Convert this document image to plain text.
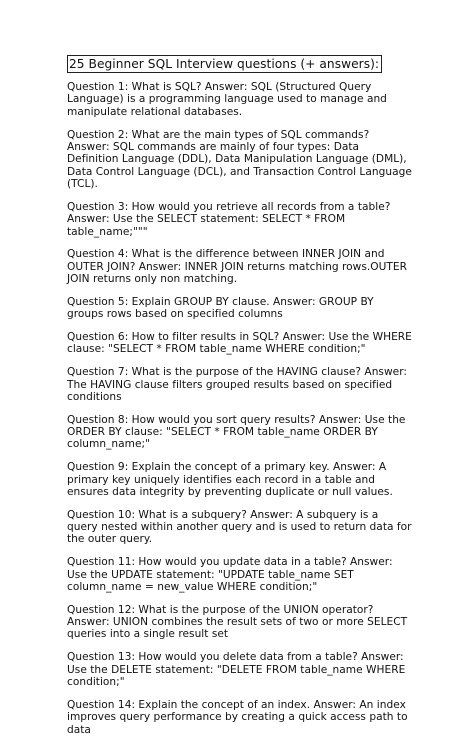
25 Beginner SQL Interview questions (+ answers):

Question 1: What is SQL? Answer: SQL (Structured Query Language) is a programming language used to manage and manipulate relational databases.

Question 2: What are the main types of SQL commands? Answer: SQL commands are mainly of four types: Data Definition Language (DDL), Data Manipulation Language (DML), Data Control Language (DCL), and Transaction Control Language (TCL).

Question 3: How would you retrieve all records from a table? Answer: Use the SELECT statement: SELECT * FROM table_name;"""

Question 4: What is the difference between INNER JOIN and OUTER JOIN? Answer: INNER JOIN returns matching rows.OUTER JOIN returns only non matching.

Question 5: Explain GROUP BY clause. Answer: GROUP BY groups rows based on specified columns

Question 6: How to filter results in SQL? Answer: Use the WHERE clause: "SELECT * FROM table_name WHERE condition;"

Question 7: What is the purpose of the HAVING clause? Answer: The HAVING clause filters grouped results based on specified conditions

Question 8: How would you sort query results? Answer: Use the ORDER BY clause: "SELECT * FROM table_name ORDER BY column_name;"

Question 9: Explain the concept of a primary key. Answer: A primary key uniquely identifies each record in a table and ensures data integrity by preventing duplicate or null values.

Question 10: What is a subquery? Answer: A subquery is a query nested within another query and is used to return data for the outer query.

Question 11: How would you update data in a table? Answer: Use the UPDATE statement: "UPDATE table_name SET column_name = new_value WHERE condition;"

Question 12: What is the purpose of the UNION operator? Answer: UNION combines the result sets of two or more SELECT queries into a single result set

Question 13: How would you delete data from a table? Answer: Use the DELETE statement: "DELETE FROM table_name WHERE condition;"

Question 14: Explain the concept of an index. Answer: An index improves query performance by creating a quick access path to data
